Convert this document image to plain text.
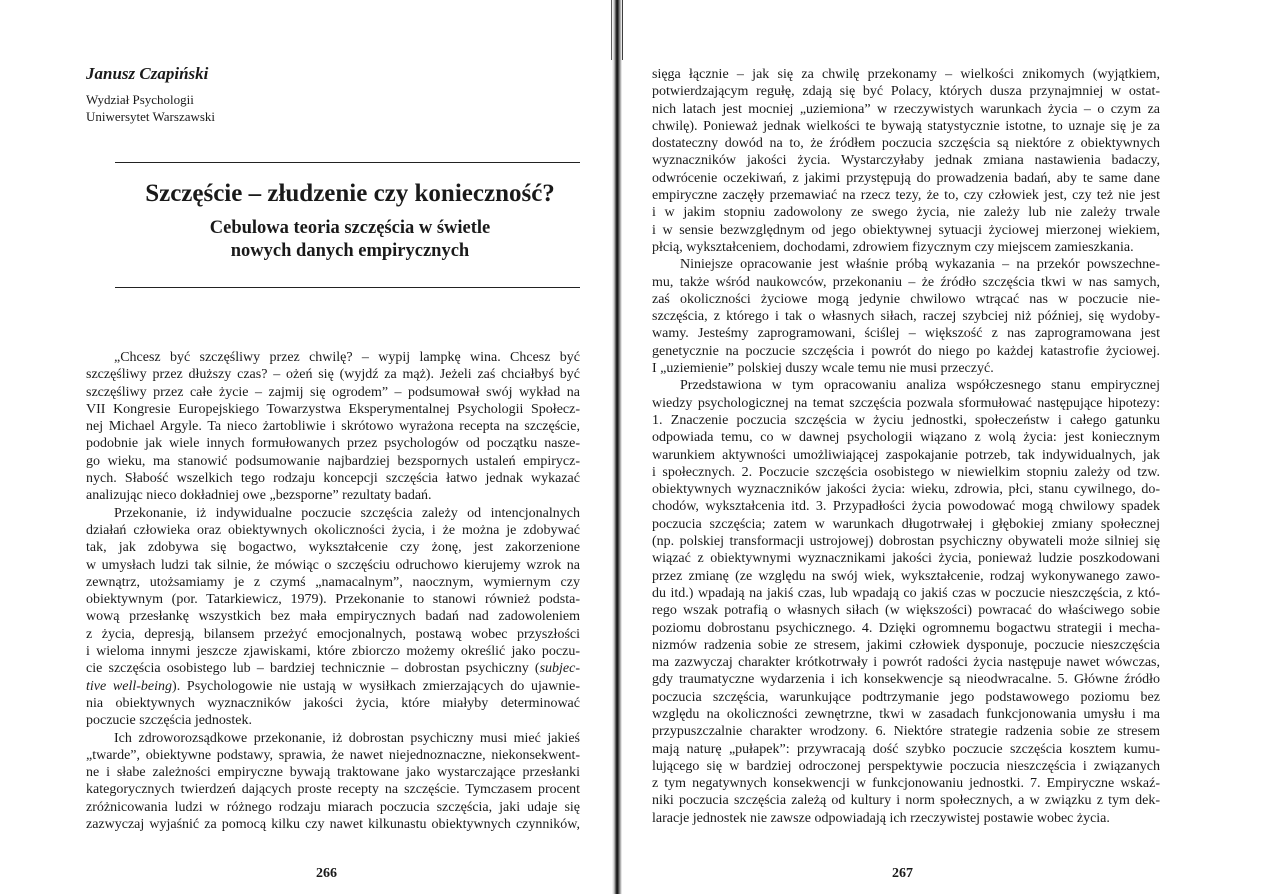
Janusz Czapiński
Wydział Psychologii
Uniwersytet Warszawski
Szczęście – złudzenie czy konieczność?
Cebulowa teoria szczęścia w świetle
nowych danych empirycznych
„Chcesz być szczęśliwy przez chwilę? – wypij lampkę wina. Chcesz być
szczęśliwy przez dłuższy czas? – ożeń się (wyjdź za mąż). Jeżeli zaś chciałbyś być
szczęśliwy przez całe życie – zajmij się ogrodem” – podsumował swój wykład na
VII Kongresie Europejskiego Towarzystwa Eksperymentalnej Psychologii Społecz-
nej Michael Argyle. Ta nieco żartobliwie i skrótowo wyrażona recepta na szczęście,
podobnie jak wiele innych formułowanych przez psychologów od początku nasze-
go wieku, ma stanowić podsumowanie najbardziej bezspornych ustaleń empirycz-
nych. Słabość wszelkich tego rodzaju koncepcji szczęścia łatwo jednak wykazać
analizując nieco dokładniej owe „bezsporne” rezultaty badań.
Przekonanie, iż indywidualne poczucie szczęścia zależy od intencjonalnych
działań człowieka oraz obiektywnych okoliczności życia, i że można je zdobywać
tak, jak zdobywa się bogactwo, wykształcenie czy żonę, jest zakorzenione
w umysłach ludzi tak silnie, że mówiąc o szczęściu odruchowo kierujemy wzrok na
zewnątrz, utożsamiamy je z czymś „namacalnym”, naocznym, wymiernym czy
obiektywnym (por. Tatarkiewicz, 1979). Przekonanie to stanowi również podsta-
wową przesłankę wszystkich bez mała empirycznych badań nad zadowoleniem
z życia, depresją, bilansem przeżyć emocjonalnych, postawą wobec przyszłości
i wieloma innymi jeszcze zjawiskami, które zbiorczo możemy określić jako poczu-
cie szczęścia osobistego lub – bardziej technicznie – dobrostan psychiczny (subjec-
tive well-being). Psychologowie nie ustają w wysiłkach zmierzających do ujawnie-
nia obiektywnych wyznaczników jakości życia, które miałyby determinować
poczucie szczęścia jednostek.
Ich zdroworozsądkowe przekonanie, iż dobrostan psychiczny musi mieć jakieś
„twarde”, obiektywne podstawy, sprawia, że nawet niejednoznaczne, niekonsekwent-
ne i słabe zależności empiryczne bywają traktowane jako wystarczające przesłanki
kategorycznych twierdzeń dających proste recepty na szczęście. Tymczasem procent
zróżnicowania ludzi w różnego rodzaju miarach poczucia szczęścia, jaki udaje się
zazwyczaj wyjaśnić za pomocą kilku czy nawet kilkunastu obiektywnych czynników,
266
sięga łącznie – jak się za chwilę przekonamy – wielkości znikomych (wyjątkiem,
potwierdzającym regułę, zdają się być Polacy, których dusza przynajmniej w ostat-
nich latach jest mocniej „uziemiona” w rzeczywistych warunkach życia – o czym za
chwilę). Ponieważ jednak wielkości te bywają statystycznie istotne, to uznaje się je za
dostateczny dowód na to, że źródłem poczucia szczęścia są niektóre z obiektywnych
wyznaczników jakości życia. Wystarczyłaby jednak zmiana nastawienia badaczy,
odwrócenie oczekiwań, z jakimi przystępują do prowadzenia badań, aby te same dane
empiryczne zaczęły przemawiać na rzecz tezy, że to, czy człowiek jest, czy też nie jest
i w jakim stopniu zadowolony ze swego życia, nie zależy lub nie zależy trwale
i w sensie bezwzględnym od jego obiektywnej sytuacji życiowej mierzonej wiekiem,
płcią, wykształceniem, dochodami, zdrowiem fizycznym czy miejscem zamieszkania.
Niniejsze opracowanie jest właśnie próbą wykazania – na przekór powszechne-
mu, także wśród naukowców, przekonaniu – że źródło szczęścia tkwi w nas samych,
zaś okoliczności życiowe mogą jedynie chwilowo wtrącać nas w poczucie nie-
szczęścia, z którego i tak o własnych siłach, raczej szybciej niż później, się wydoby-
wamy. Jesteśmy zaprogramowani, ściślej – większość z nas zaprogramowana jest
genetycznie na poczucie szczęścia i powrót do niego po każdej katastrofie życiowej.
I „uziemienie” polskiej duszy wcale temu nie musi przeczyć.
Przedstawiona w tym opracowaniu analiza współczesnego stanu empirycznej
wiedzy psychologicznej na temat szczęścia pozwala sformułować następujące hipotezy:
1. Znaczenie poczucia szczęścia w życiu jednostki, społeczeństw i całego gatunku
odpowiada temu, co w dawnej psychologii wiązano z wolą życia: jest koniecznym
warunkiem aktywności umożliwiającej zaspokajanie potrzeb, tak indywidualnych, jak
i społecznych. 2. Poczucie szczęścia osobistego w niewielkim stopniu zależy od tzw.
obiektywnych wyznaczników jakości życia: wieku, zdrowia, płci, stanu cywilnego, do-
chodów, wykształcenia itd. 3. Przypadłości życia powodować mogą chwilowy spadek
poczucia szczęścia; zatem w warunkach długotrwałej i głębokiej zmiany społecznej
(np. polskiej transformacji ustrojowej) dobrostan psychiczny obywateli może silniej się
wiązać z obiektywnymi wyznacznikami jakości życia, ponieważ ludzie poszkodowani
przez zmianę (ze względu na swój wiek, wykształcenie, rodzaj wykonywanego zawo-
du itd.) wpadają na jakiś czas, lub wpadają co jakiś czas w poczucie nieszczęścia, z któ-
rego wszak potrafią o własnych siłach (w większości) powracać do właściwego sobie
poziomu dobrostanu psychicznego. 4. Dzięki ogromnemu bogactwu strategii i mecha-
nizmów radzenia sobie ze stresem, jakimi człowiek dysponuje, poczucie nieszczęścia
ma zazwyczaj charakter krótkotrwały i powrót radości życia następuje nawet wówczas,
gdy traumatyczne wydarzenia i ich konsekwencje są nieodwracalne. 5. Główne źródło
poczucia szczęścia, warunkujące podtrzymanie jego podstawowego poziomu bez
względu na okoliczności zewnętrzne, tkwi w zasadach funkcjonowania umysłu i ma
przypuszczalnie charakter wrodzony. 6. Niektóre strategie radzenia sobie ze stresem
mają naturę „pułapek”: przywracają dość szybko poczucie szczęścia kosztem kumu-
lującego się w bardziej odroczonej perspektywie poczucia nieszczęścia i związanych
z tym negatywnych konsekwencji w funkcjonowaniu jednostki. 7. Empiryczne wskaź-
niki poczucia szczęścia zależą od kultury i norm społecznych, a w związku z tym dek-
laracje jednostek nie zawsze odpowiadają ich rzeczywistej postawie wobec życia.
267
